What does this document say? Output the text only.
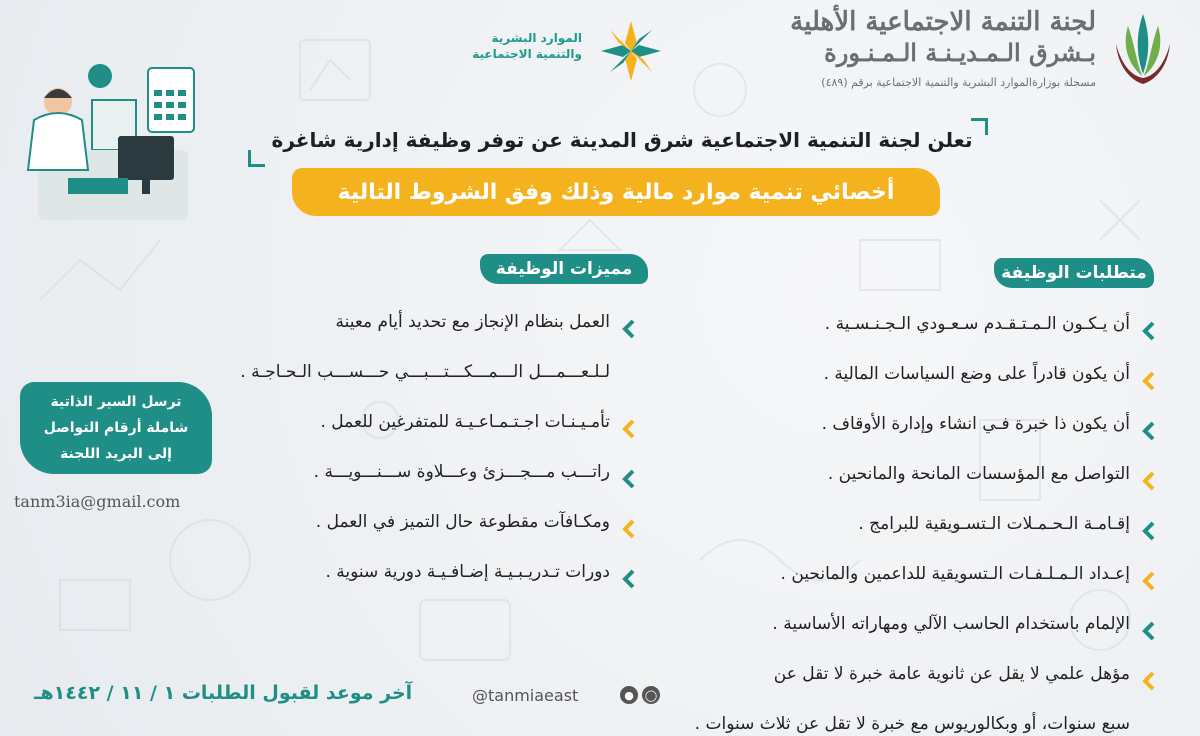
لجنة التنمة الاجتماعية الأهلية
بـشرق الـمـديـنـة الـمـنـورة
مسجلة بوزارةالموارد البشرية والتنمية الاجتماعية برقم (٤٨٩)
الموارد البشرية
والتنمية الاجتماعية
تعلن لجنة التنمية الاجتماعية شرق المدينة عن توفر وظيفة إدارية شاغرة
أخصائي تنمية موارد مالية وذلك وفق الشروط التالية
متطلبات الوظيفة
مميزات الوظيفة
أن يـكـون الـمـتـقـدم سـعـودي الـجـنـسـية .
أن يكون قادراً على وضع السياسات المالية .
أن يكون ذا خبرة فـي انشاء وإدارة الأوقاف .
التواصل مع المؤسسات المانحة والمانحين .
إقـامـة الـحـمـلات الـتسـويقية للبرامج .
إعـداد الـمـلـفـات الـتسويقية للداعمين والمانحين .
الإلمام باستخدام الحاسب الآلي ومهاراته الأساسية .
مؤهل علمي لا يقل عن ثانوية عامة خبرة لا تقل عن
سبع سنوات، أو وبكالوريوس مع خبرة لا تقل عن ثلاث سنوات .
العمل بنظام الإنجاز مع تحديد أيام معينة
لـلـعـــمـــل الـــمـــكـــتـــبـــي حـــســـب الـحـاجـة .
تأمـيـنـات اجـتـمـاعـيـة للمتفرغين للعمل .
راتـــب مـــجـــزئ وعـــلاوة ســـنـــويـــة .
ومكـافآت مقطوعة حال التميز في العمل .
دورات تـدريـبـيـة إضـافـيـة دورية سنوية .
ترسل السير الذاتية
شاملة أرقام التواصل
إلى البريد اللجنة
tanm3ia@gmail.com
آخر موعد لقبول الطلبات ١ / ١١ / ١٤٤٢هـ	@tanmiaeast	●	◯
